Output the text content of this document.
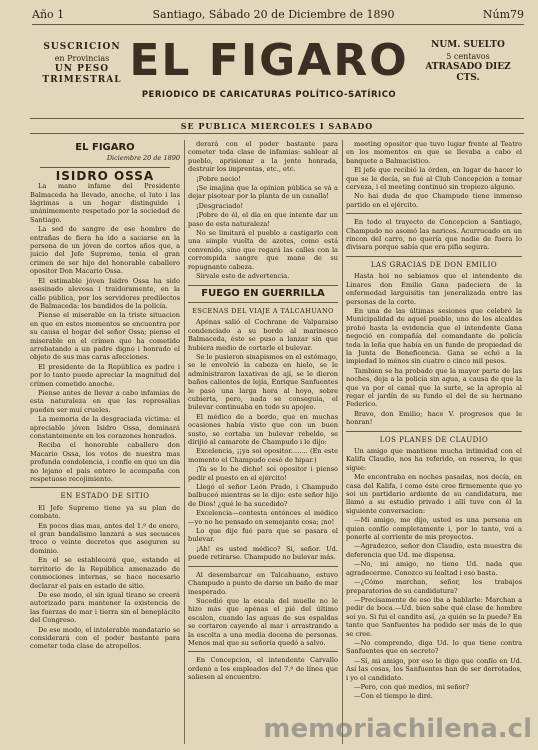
Año 1	Santiago, Sábado 20 de Diciembre de 1890	Núm79
SUSCRICION
en Provincias
UN PESO TRIMESTRAL EL FIGARO	NUM. SUELTO
5 centavos
ATRASADO DIEZ CTS.
PERIODICO DE CARICATURAS POLÍTICO-SATÍRICO
SE PUBLICA MIERCOLES I SABADO
EL FIGARO
Diciembre 20 de 1890
ISIDRO OSSA

La mano infame del Presidente Balmaceda ha llevado, anoche, el luto i las lágrimas a un hogar distinguido i unánimemente respetado por la sociedad de Santiago.

La sed de sangre de ese hombre de entrañas de fiera ha ido a saciarse en la persona de un jóven de cortos años que, a juicio del Jefe Supremo, tenia el gran crimen de ser hijo del honorable caballero opositor Don Macario Ossa.

El estimable jóven Isidro Ossa ha sido asesinado alevosa i traidoramente, en la calle pública, por los servidores predilectos de Balmaceda: los bandidos de la policía.

Piense el miserable en la triste situacion en que en estos momentos se encuentra por su causa el hogar del señor Ossa; piense el miserable en el crímen que ha cometido arrebatando a un padre digno i honrado el objeto de sus mas caras afecciones.

El presidente de la República es padre i por lo tanto puede apreciar la magnitud del crímen cometido anoche.

Piense antes de llevar a cabo infamias de esta naturaleza en que las represalias pueden ser muí crueles.

La memoria de la desgraciada víctima: el apreciable jóven Isidro Ossa, dominará constantemente en los corazones honrados.

Reciba el honorable caballero don Macario Ossa, los votos de nuestra mas profunda condolencia, i confíe en que un dia no lejano el pais entero le acompaña con respetuoso recojimiento.

EN ESTADO DE SITIO

El Jefe Supremo tiene ya su plan de combate.

En pocos dias mas, antes del 1.º de enero, el gran bandalismo lanzará a sus secuaces trece o veinte decretos que aseguren su dominio.

En el se establecerá que, estando el territorio de la República amenazado de conmociones internas, se hace necesario declarar el pais en estado de sitio.

De ese modo, el sin igual tirano se creerá autorizado para mantener la existencia de las fuerzas de mar i tierra sin el beneplácito del Congreso.

De ese modo, el intolerable mandatario se considerará con el poder bastante para cometer toda clase de atropellos.

derará con el poder bastante para cometer toda clase de infamias: sablear al pueblo, aprisionar a la jente honrada, destruir los imprentas, etc., etc.

¡Pobre necio!

¡Se imajina que la opinion pública se vá a dejar pisotear por la planta de un canalla!

¡Desgraciado!

¡Pobre de él, el dia en que intente dar un paso de esta naturaleza!

No se limitará el pueblo a castigarlo con una simple vuelta de azotes, como está convenido, sino que regará las calles con la corrompida sangre que mane de su repugnante cabeza.

Sirvale esto de advertencia.

FUEGO EN GUERRILLA
ESCENAS DEL VIAJE A TALCAHUANO

Apénas salió el Cochrane de Valparaiso condenciado a su bordo al marinesco Balmaceda, éste se puso a lanzar sin que hubiera medio de cortarle el bulevar.

Se le pusieron sinapismos en el estómago, se le envolvió la cabeza en hielo, se le administraron laxativas de ají, se le dieron baños calientes de lejía, Enrique Sanfuentes le pasó una larga hora al hoyo, sobre cubierta, pero, nada se conseguia, el bulevar continuaba en todo su apojeo.

El médico de a bordo, que en muchas ocasiones había visto que con un buen susto, se cortaba un bulevar rebelde, se dirijió al camarote de Champudo i le dijo:

Excelencia, ¡¡ya soi opositor........ (En este momento el Champudo cesó de hipar.)

¡Ya se lo he dicho! soi opositor i pienso pedir el puesto en el ejército!

Llegó el señor León Prado, i Champudo balbuceó mientras se le dijo: este señor hijo de Dios! ¿qué le ha sucedido?

Excelencia—contesta entónces el médico—yo no he pensado en semejante cosa; ¡no!

Lo que dije fué para que se pasara el bulevar.

¡Ah! es usted médico? Si, señor. Ud. puede retirarse. Champudo no bulevar más.

Al desembarcar en Talcahuano, estuvo Champudo a punto de darse un baño de mar inesperado.

Sucedió que la escala del muelle no le hizo más que apénas el pié del último escalon, cuando las aguas de sus espaldas se cortaron cayendo al mar i arrastrando a la escolta a una media docena de personas. Menos mal que su señoría quedó a salvo.

En Concepcion, el intendente Carvallo ordenó a los empleados del 7.º de línea que saliesen al encuentro.

meeting opositor que tuvo lugar frente al Teatro en los momentos en que se llevaba a cabo el banquete a Balmacistico.

El jefe que recibió la órden, en lugar de hacer lo que se le decía, se fué al Club Concepcion a tomar cerveza, i el meeting continuó sin tropiezo alguno.

No hai duda de que Champudo tiene inmenso partido en el ejército.

En todo el trayecto de Concepcion a Santiago, Champudo no asomó las narices. Acurrucado en un rincon del carro, no quería que nadie de fuera lo divisara porque sabía que era pifia segura.

LAS GRACIAS DE DON EMILIO

Hasta hoi no sabiamos que el intendente de Linares don Emilio Gana padeciera de la enfermedad larguisitis tan jeneralizada entre las personas de la corte.

En una de las últimas sesiones que celebró la Municipalidad de aquel pueblo, uno de los alcaldes probó hasta la evidencia que el intendente Gana negoció en compañía del comandante de policía toda la leña que había en un fundo de propiedad de la Junta de Beneficencia. Gana se echó a la impiedad lo ménos sin cuatro o cinco mil pesos.

Tambien se ha probado que la mayor parte de las noches, deja a la policía sin agua, a causa de que la que va por el canal que la surte, se la apropia al regar el jardín de su fundo el del de su hermano Federico.

Bravo, don Emilio; hace V. progresos que le honran!

LOS PLANES DE CLAUDIO

Un amigo que mantiene mucha intimidad con el Kalifa Claudio, nos ha referido, en reserva, lo que sigue:

Me encontraba en noches pasadas, nos decía, en casa del Kalifa, i como éste cree firmemente que yo soi un partidario ardiente de su candidatura, me llamó a su estudio privado i allí tuve con él la siguiente conversacion:

—Mi amigo, me dijo, usted es una persona en quien confío completamente i, por lo tanto, voi a ponerle al corriente de mis proyectos.

—Agradezco, señor don Claudio, esta muestra de deferencia que Ud. me dispensa.

—No, mi amigo, no tiene Ud. nada que agradecerme. Conozco su lealtad i eso basta.

—¿Cómo marchan, señor, los trabajos preparatorios de su candidatura?

—Precisamente de eso iba a hablarle: Marchan a pedir de boca.—Ud. bien sabe qué clase de hombre soi yo. Si fui el candito así, ¿a quién se la puede? En tanto que Sanfuentes ha podido ser más de lo que se cree.

—No comprendo, diga Ud. lo que tiene contra Sanfuentes que en secreto?

—Sí, mi amigo, por eso le digo que confío en Ud. Así las cosas, los Sanfuentes han de ser derrotados, i yo el candidato.

—Pero, con qué medios, mi señor?

—Con el tiempo le diré.

memoriachilena.cl
